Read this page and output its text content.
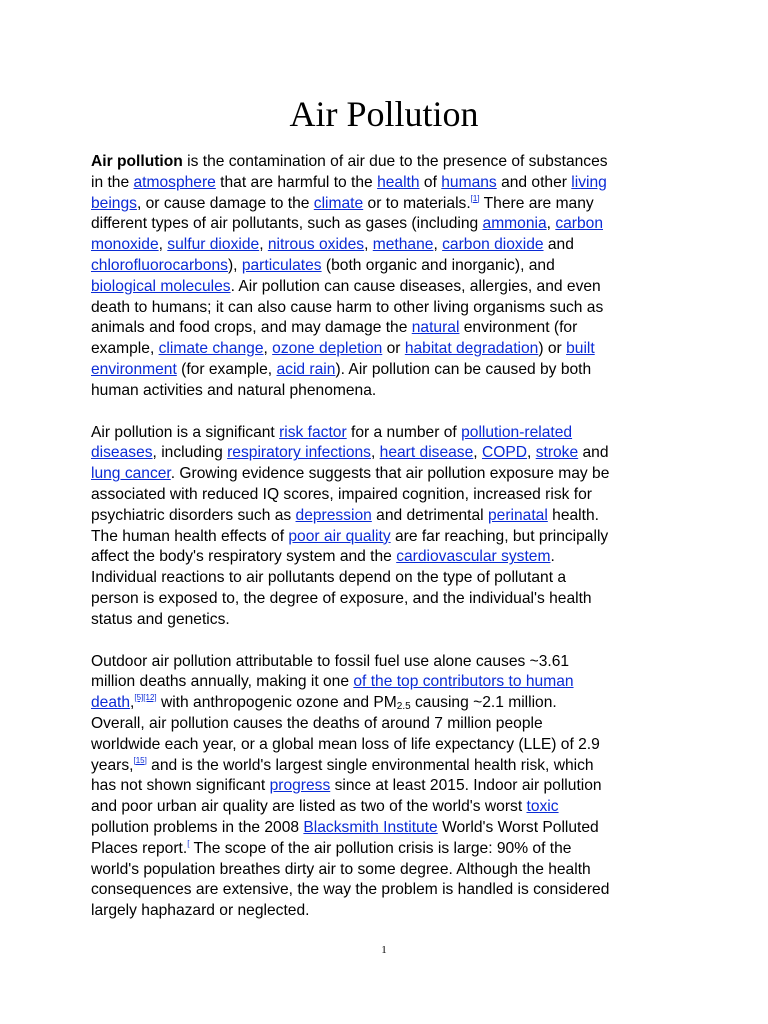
Air Pollution

Air pollution is the contamination of air due to the presence of substances
in the atmosphere that are harmful to the health of humans and other living
beings, or cause damage to the climate or to materials.[1] There are many
different types of air pollutants, such as gases (including ammonia, carbon
monoxide, sulfur dioxide, nitrous oxides, methane, carbon dioxide and
chlorofluorocarbons), particulates (both organic and inorganic), and
biological molecules. Air pollution can cause diseases, allergies, and even
death to humans; it can also cause harm to other living organisms such as
animals and food crops, and may damage the natural environment (for
example, climate change, ozone depletion or habitat degradation) or built
environment (for example, acid rain). Air pollution can be caused by both
human activities and natural phenomena.

Air pollution is a significant risk factor for a number of pollution-related
diseases, including respiratory infections, heart disease, COPD, stroke and
lung cancer. Growing evidence suggests that air pollution exposure may be
associated with reduced IQ scores, impaired cognition, increased risk for
psychiatric disorders such as depression and detrimental perinatal health.
The human health effects of poor air quality are far reaching, but principally
affect the body's respiratory system and the cardiovascular system.
Individual reactions to air pollutants depend on the type of pollutant a
person is exposed to, the degree of exposure, and the individual's health
status and genetics.

Outdoor air pollution attributable to fossil fuel use alone causes ~3.61
million deaths annually, making it one of the top contributors to human
death,[5][12] with anthropogenic ozone and $PM_{2.5}$ causing ~2.1 million.
Overall, air pollution causes the deaths of around 7 million people
worldwide each year, or a global mean loss of life expectancy (LLE) of 2.9
years,[15] and is the world's largest single environmental health risk, which
has not shown significant progress since at least 2015. Indoor air pollution
and poor urban air quality are listed as two of the world's worst toxic
pollution problems in the 2008 Blacksmith Institute World's Worst Polluted
Places report.[ The scope of the air pollution crisis is large: 90% of the
world's population breathes dirty air to some degree. Although the health
consequences are extensive, the way the problem is handled is considered
largely haphazard or neglected.

1
